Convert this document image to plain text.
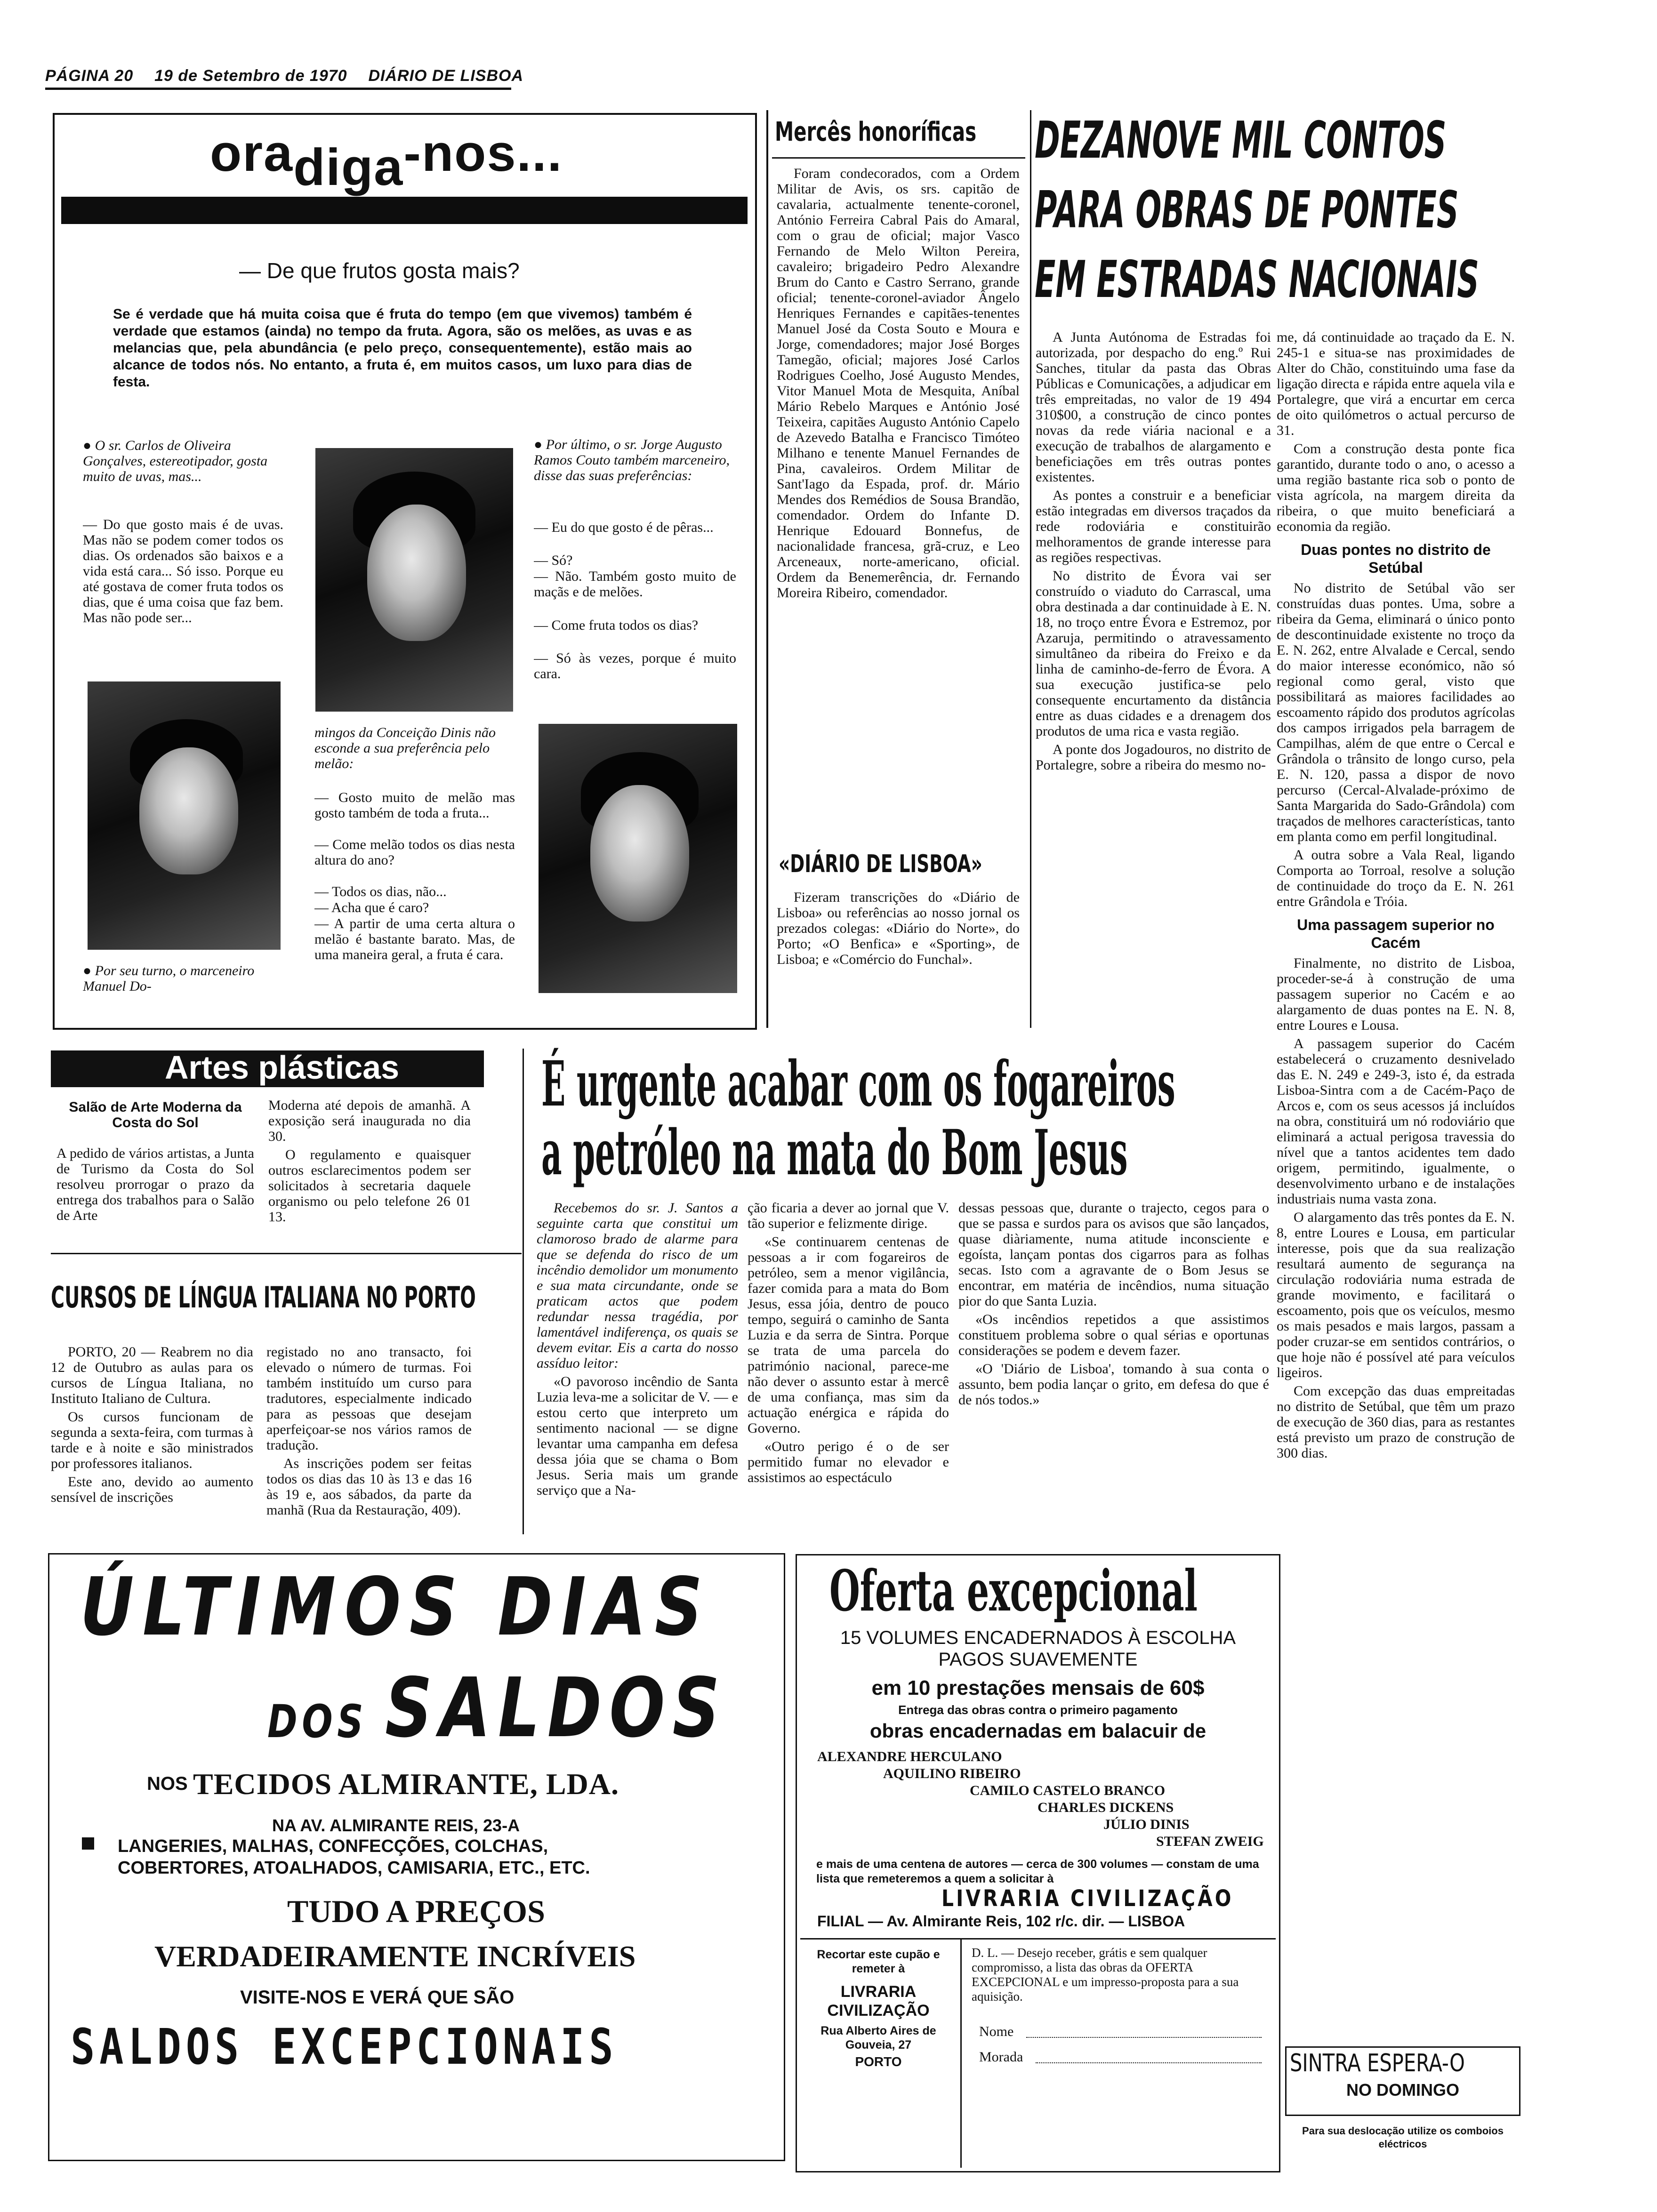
PÁGINA 20 19 de Setembro de 1970 DIÁRIO DE LISBOA
oradiga-nos...
— De que frutos gosta mais?
Se é verdade que há muita coisa que é fruta do tempo (em que vivemos) também é verdade que estamos (ainda) no tempo da fruta. Agora, são os melões, as uvas e as melancias que, pela abundância (e pelo preço, consequentemente), estão mais ao alcance de todos nós. No entanto, a fruta é, em muitos casos, um luxo para dias de festa.
● O sr. Carlos de Oliveira Gonçalves, estereotipador, gosta muito de uvas, mas...
— Do que gosto mais é de uvas. Mas não se podem comer todos os dias. Os ordenados são baixos e a vida está cara... Só isso. Porque eu até gostava de comer fruta todos os dias, que é uma coisa que faz bem. Mas não pode ser...
● Por seu turno, o marceneiro Manuel Do-
mingos da Conceição Dinis não esconde a sua preferência pelo melão:
— Gosto muito de melão mas gosto também de toda a fruta...
— Come melão todos os dias nesta altura do ano?
— Todos os dias, não...
— Acha que é caro?
— A partir de uma certa altura o melão é bastante barato. Mas, de uma maneira geral, a fruta é cara.
● Por último, o sr. Jorge Augusto Ramos Couto também marceneiro, disse das suas preferências:
— Eu do que gosto é de pêras...
— Só?
— Não. Também gosto muito de maçãs e de melões.
— Come fruta todos os dias?
— Só às vezes, porque é muito cara.
Mercês honoríficas
Foram condecorados, com a Ordem Militar de Avis, os srs. capitão de cavalaria, actualmente tenente-coronel, António Ferreira Cabral Pais do Amaral, com o grau de oficial; major Vasco Fernando de Melo Wilton Pereira, cavaleiro; brigadeiro Pedro Alexandre Brum do Canto e Castro Serrano, grande oficial; tenente-coronel-aviador Ângelo Henriques Fernandes e capitães-tenentes Manuel José da Costa Souto e Moura e Jorge, comendadores; major José Borges Tamegão, oficial; majores José Carlos Rodrigues Coelho, José Augusto Mendes, Vitor Manuel Mota de Mesquita, Aníbal Mário Rebelo Marques e António José Teixeira, capitães Augusto António Capelo de Azevedo Batalha e Francisco Timóteo Milhano e tenente Manuel Fernandes de Pina, cavaleiros. Ordem Militar de Sant'Iago da Espada, prof. dr. Mário Mendes dos Remédios de Sousa Brandão, comendador. Ordem do Infante D. Henrique Edouard Bonnefus, de nacionalidade francesa, grã-cruz, e Leo Arceneaux, norte-americano, oficial. Ordem da Benemerência, dr. Fernando Moreira Ribeiro, comendador.
«DIÁRIO DE LISBOA»
Fizeram transcrições do «Diário de Lisboa» ou referências ao nosso jornal os prezados colegas: «Diário do Norte», do Porto; «O Benfica» e «Sporting», de Lisboa; e «Comércio do Funchal».
DEZANOVE MIL CONTOS
PARA OBRAS DE PONTES
EM ESTRADAS NACIONAIS

A Junta Autónoma de Estradas foi autorizada, por despacho do eng.º Rui Sanches, titular da pasta das Obras Públicas e Comunicações, a adjudicar em três empreitadas, no valor de 19 494 310$00, a construção de cinco pontes novas da rede viária nacional e a execução de trabalhos de alargamento e beneficiações em três outras pontes existentes.

As pontes a construir e a beneficiar estão integradas em diversos traçados da rede rodoviária e constituirão melhoramentos de grande interesse para as regiões respectivas.

No distrito de Évora vai ser construído o viaduto do Carrascal, uma obra destinada a dar continuidade à E. N. 18, no troço entre Évora e Estremoz, por Azaruja, permitindo o atravessamento simultâneo da ribeira do Freixo e da linha de caminho-de-ferro de Évora. A sua execução justifica-se pelo consequente encurtamento da distância entre as duas cidades e a drenagem dos produtos de uma rica e vasta região.

A ponte dos Jogadouros, no distrito de Portalegre, sobre a ribeira do mesmo no-

me, dá continuidade ao traçado da E. N. 245-1 e situa-se nas proximidades de Alter do Chão, constituindo uma fase da ligação directa e rápida entre aquela vila e Portalegre, que virá a encurtar em cerca de oito quilómetros o actual percurso de 31.

Com a construção desta ponte fica garantido, durante todo o ano, o acesso a uma região bastante rica sob o ponto de vista agrícola, na margem direita da ribeira, o que muito beneficiará a economia da região.

Duas pontes no distrito de Setúbal

No distrito de Setúbal vão ser construídas duas pontes. Uma, sobre a ribeira da Gema, eliminará o único ponto de descontinuidade existente no troço da E. N. 262, entre Alvalade e Cercal, sendo do maior interesse económico, não só regional como geral, visto que possibilitará as maiores facilidades ao escoamento rápido dos produtos agrícolas dos campos irrigados pela barragem de Campilhas, além de que entre o Cercal e Grândola o trânsito de longo curso, pela E. N. 120, passa a dispor de novo percurso (Cercal-Alvalade-próximo de Santa Margarida do Sado-Grândola) com traçados de melhores características, tanto em planta como em perfil longitudinal.

A outra sobre a Vala Real, ligando Comporta ao Torroal, resolve a solução de continuidade do troço da E. N. 261 entre Grândola e Tróia.

Uma passagem superior no Cacém

Finalmente, no distrito de Lisboa, proceder-se-á à construção de uma passagem superior no Cacém e ao alargamento de duas pontes na E. N. 8, entre Loures e Lousa.

A passagem superior do Cacém estabelecerá o cruzamento desnivelado das E. N. 249 e 249-3, isto é, da estrada Lisboa-Sintra com a de Cacém-Paço de Arcos e, com os seus acessos já incluídos na obra, constituirá um nó rodoviário que eliminará a actual perigosa travessia do nível que a tantos acidentes tem dado origem, permitindo, igualmente, o desenvolvimento urbano e de instalações industriais numa vasta zona.

O alargamento das três pontes da E. N. 8, entre Loures e Lousa, em particular interesse, pois que da sua realização resultará aumento de segurança na circulação rodoviária numa estrada de grande movimento, e facilitará o escoamento, pois que os veículos, mesmo os mais pesados e mais largos, passam a poder cruzar-se em sentidos contrários, o que hoje não é possível até para veículos ligeiros.

Com excepção das duas empreitadas no distrito de Setúbal, que têm um prazo de execução de 360 dias, para as restantes está previsto um prazo de construção de 300 dias.

Artes plásticas
Salão de Arte Moderna da Costa do Sol
A pedido de vários artistas, a Junta de Turismo da Costa do Sol resolveu prorrogar o prazo da entrega dos trabalhos para o Salão de Arte

Moderna até depois de amanhã. A exposição será inaugurada no dia 30.

O regulamento e quaisquer outros esclarecimentos podem ser solicitados à secretaria daquele organismo ou pelo telefone 26 01 13.

CURSOS DE LÍNGUA ITALIANA NO PORTO

PORTO, 20 — Reabrem no dia 12 de Outubro as aulas para os cursos de Língua Italiana, no Instituto Italiano de Cultura.

Os cursos funcionam de segunda a sexta-feira, com turmas à tarde e à noite e são ministrados por professores italianos.

Este ano, devido ao aumento sensível de inscrições

registado no ano transacto, foi elevado o número de turmas. Foi também instituído um curso para tradutores, especialmente indicado para as pessoas que desejam aperfeiçoar-se nos vários ramos de tradução.

As inscrições podem ser feitas todos os dias das 10 às 13 e das 16 às 19 e, aos sábados, da parte da manhã (Rua da Restauração, 409).

É urgente acabar com os fogareiros
a petróleo na mata do Bom Jesus

Recebemos do sr. J. Santos a seguinte carta que constitui um clamoroso brado de alarme para que se defenda do risco de um incêndio demolidor um monumento e sua mata circundante, onde se praticam actos que podem redundar nessa tragédia, por lamentável indiferença, os quais se devem evitar. Eis a carta do nosso assíduo leitor:

«O pavoroso incêndio de Santa Luzia leva-me a solicitar de V. — e estou certo que interpreto um sentimento nacional — se digne levantar uma campanha em defesa dessa jóia que se chama o Bom Jesus. Seria mais um grande serviço que a Na-

ção ficaria a dever ao jornal que V. tão superior e felizmente dirige.

«Se continuarem centenas de pessoas a ir com fogareiros de petróleo, sem a menor vigilância, fazer comida para a mata do Bom Jesus, essa jóia, dentro de pouco tempo, seguirá o caminho de Santa Luzia e da serra de Sintra. Porque se trata de uma parcela do património nacional, parece-me não dever o assunto estar à mercê de uma confiança, mas sim da actuação enérgica e rápida do Governo.

«Outro perigo é o de ser permitido fumar no elevador e assistimos ao espectáculo

dessas pessoas que, durante o trajecto, cegos para o que se passa e surdos para os avisos que são lançados, quase diàriamente, numa atitude inconsciente e egoísta, lançam pontas dos cigarros para as folhas secas. Isto com a agravante de o Bom Jesus se encontrar, em matéria de incêndios, numa situação pior do que Santa Luzia.

«Os incêndios repetidos a que assistimos constituem problema sobre o qual sérias e oportunas considerações se podem e devem fazer.

«O 'Diário de Lisboa', tomando à sua conta o assunto, bem podia lançar o grito, em defesa do que é de nós todos.»

ÚLTIMOS DIAS
DOS SALDOS
NOS TECIDOS ALMIRANTE, LDA.
NA AV. ALMIRANTE REIS, 23-A
LANGERIES, MALHAS, CONFECÇÕES, COLCHAS, COBERTORES, ATOALHADOS, CAMISARIA, ETC., ETC.
TUDO A PREÇOS
VERDADEIRAMENTE INCRÍVEIS
VISITE-NOS E VERÁ QUE SÃO
SALDOS EXCEPCIONAIS
Oferta excepcional
15 VOLUMES ENCADERNADOS À ESCOLHA
PAGOS SUAVEMENTE
em 10 prestações mensais de 60$
Entrega das obras contra o primeiro pagamento
obras encadernadas em balacuir de
ALEXANDRE HERCULANO
AQUILINO RIBEIRO
CAMILO CASTELO BRANCO
CHARLES DICKENS
JÚLIO DINIS
STEFAN ZWEIG
e mais de uma centena de autores — cerca de 300 volumes — constam de uma lista que remeteremos a quem a solicitar à
LIVRARIA CIVILIZAÇÃO
FILIAL — Av. Almirante Reis, 102 r/c. dir. — LISBOA
Recortar este cupão e remeter à
LIVRARIA CIVILIZAÇÃO
Rua Alberto Aires de Gouveia, 27
PORTO
D. L. — Desejo receber, grátis e sem qualquer compromisso, a lista das obras da OFERTA EXCEPCIONAL e um impresso-proposta para a sua aquisição.
Nome
Morada	SINTRA ESPERA-O
NO DOMINGO
Para sua deslocação utilize os comboios eléctricos
